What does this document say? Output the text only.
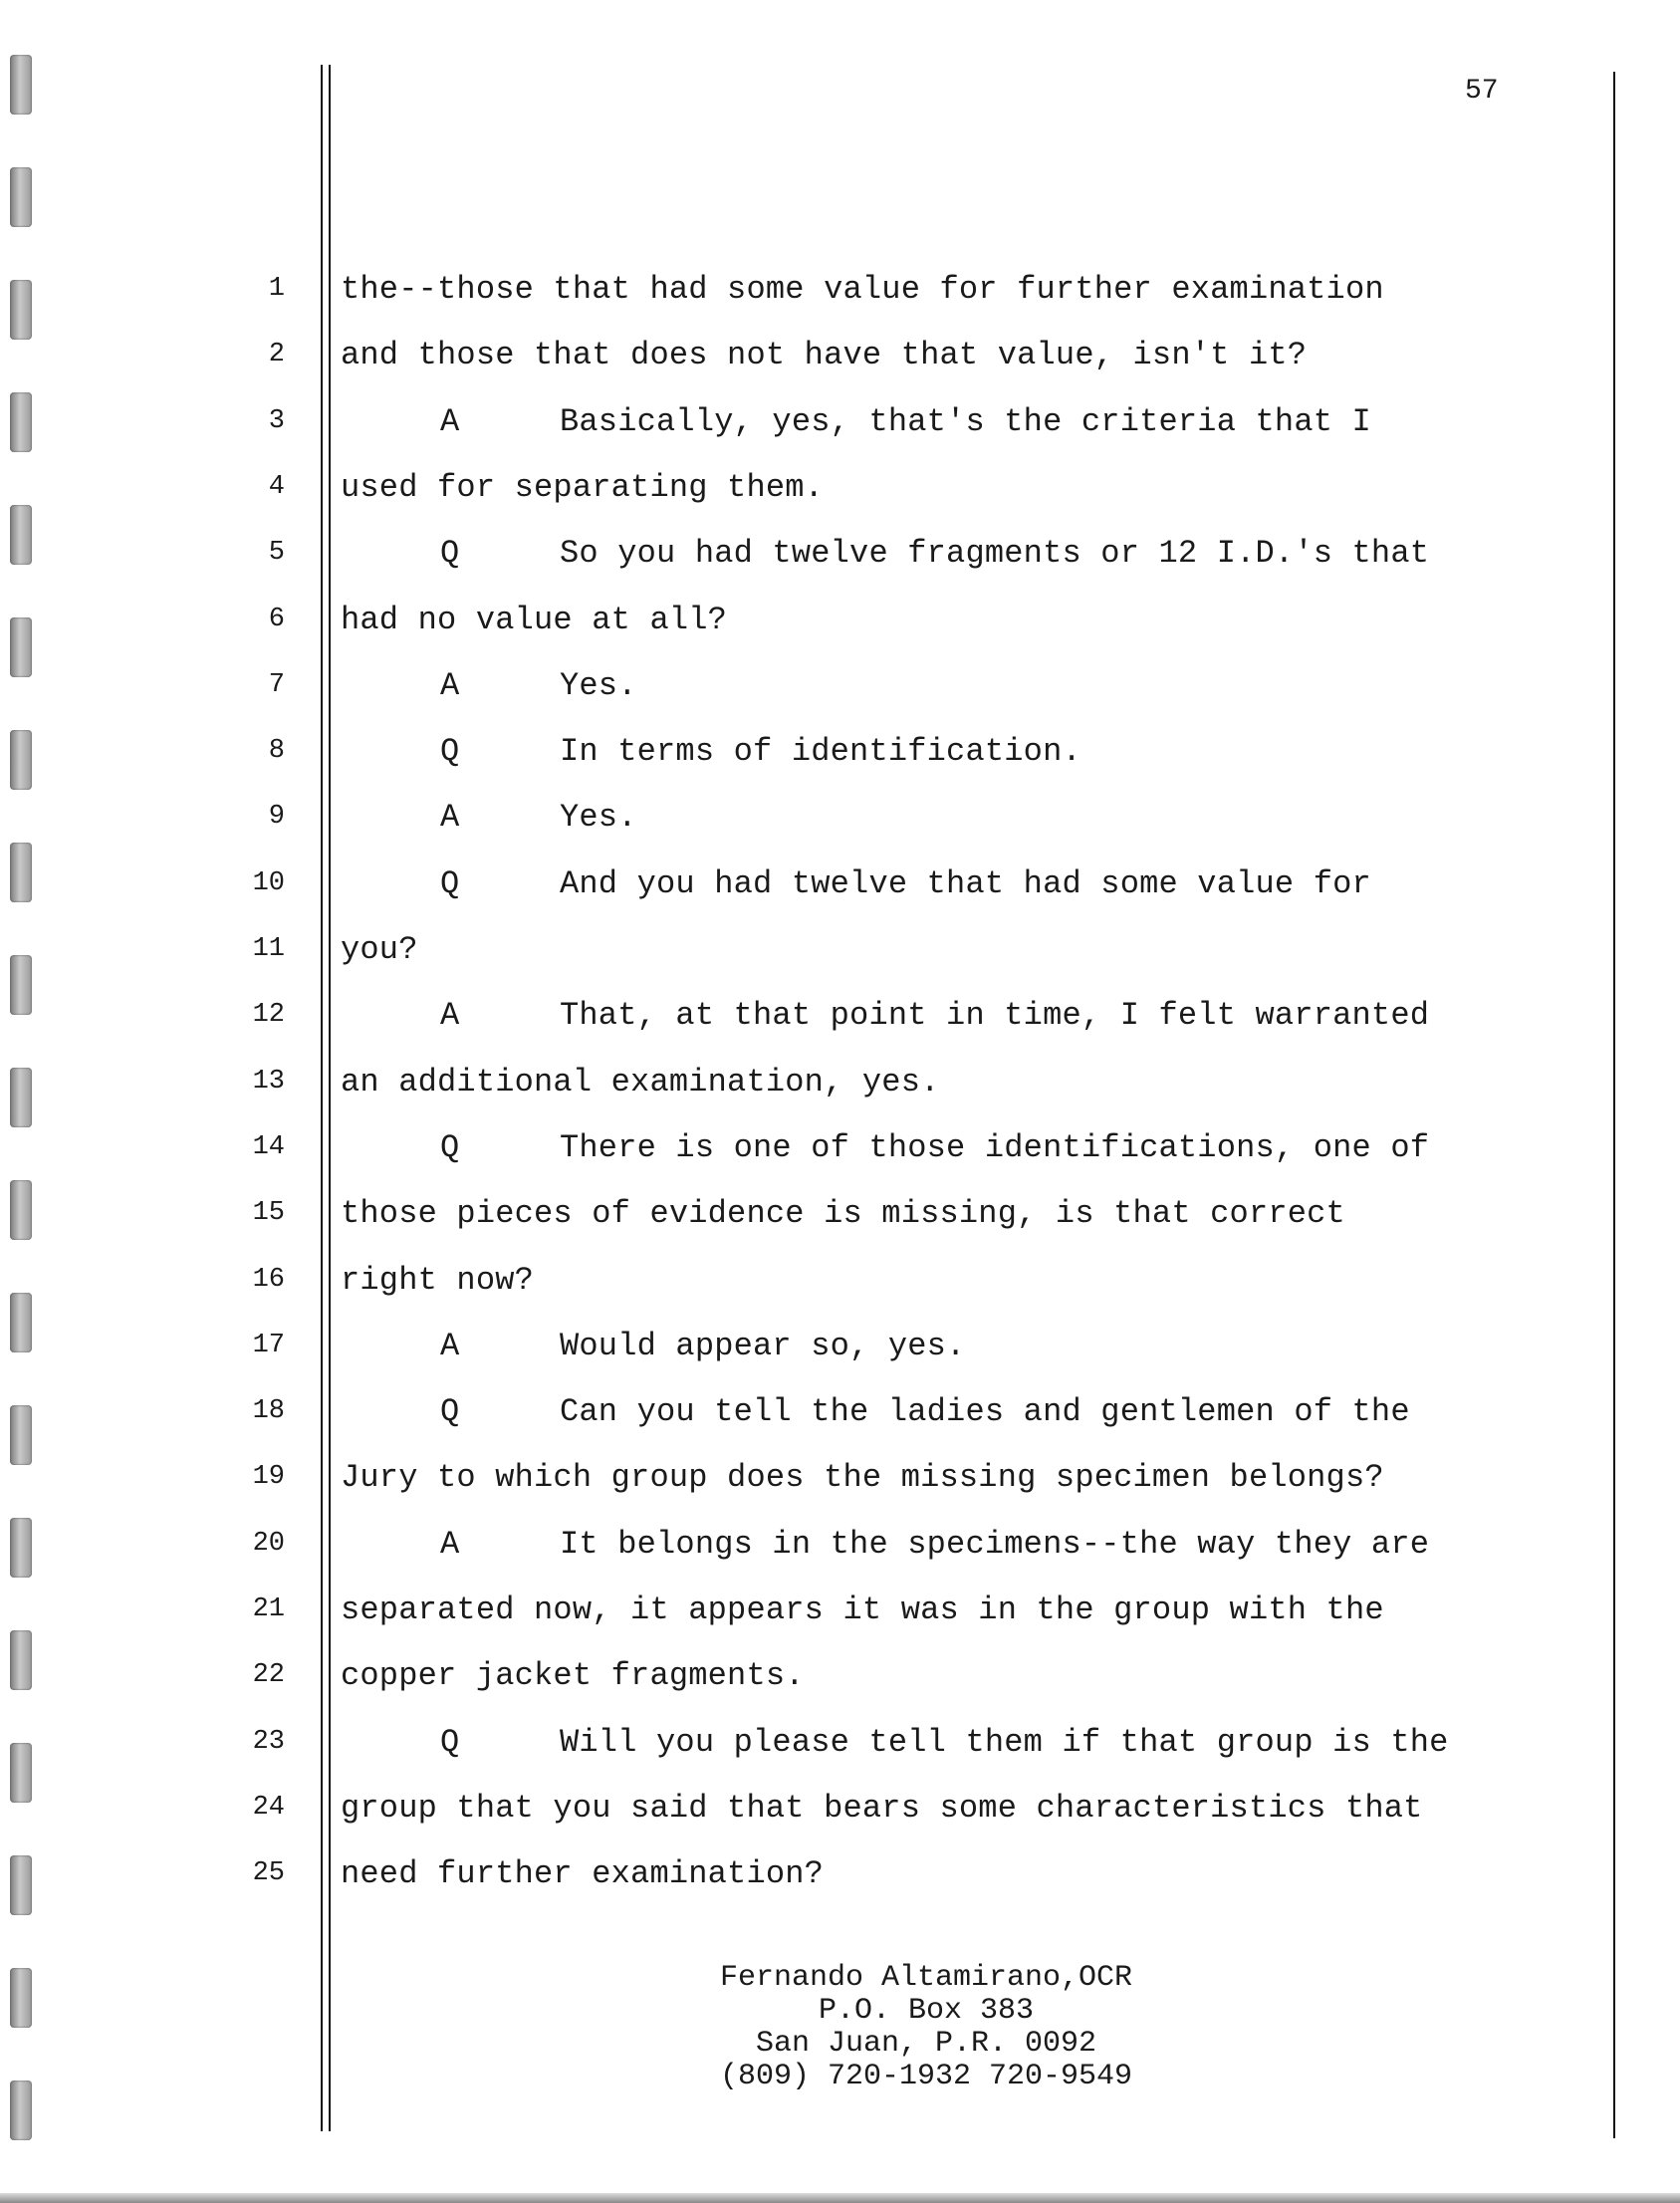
57
1 the--those that had some value for further examination
2 and those that does not have that value, isn't it?
3	A	Basically, yes, that's the criteria that I
4 used for separating them.
5	Q	So you had twelve fragments or 12 I.D.'s that
6 had no value at all?
7	A	Yes.
8	Q	In terms of identification.
9	A	Yes.
10	Q	And you had twelve that had some value for
11 you?
12	A	That, at that point in time, I felt warranted
13 an additional examination, yes.
14	Q	There is one of those identifications, one of
15 those pieces of evidence is missing, is that correct
16 right now?
17	A	Would appear so, yes.
18	Q	Can you tell the ladies and gentlemen of the
19 Jury to which group does the missing specimen belongs?
20	A	It belongs in the specimens--the way they are
21 separated now, it appears it was in the group with the
22 copper jacket fragments.
23	Q	Will you please tell them if that group is the
24 group that you said that bears some characteristics that
25 need further examination?
Fernando Altamirano,OCR
P.O. Box 383
San Juan, P.R. 0092
(809) 720-1932 720-9549
